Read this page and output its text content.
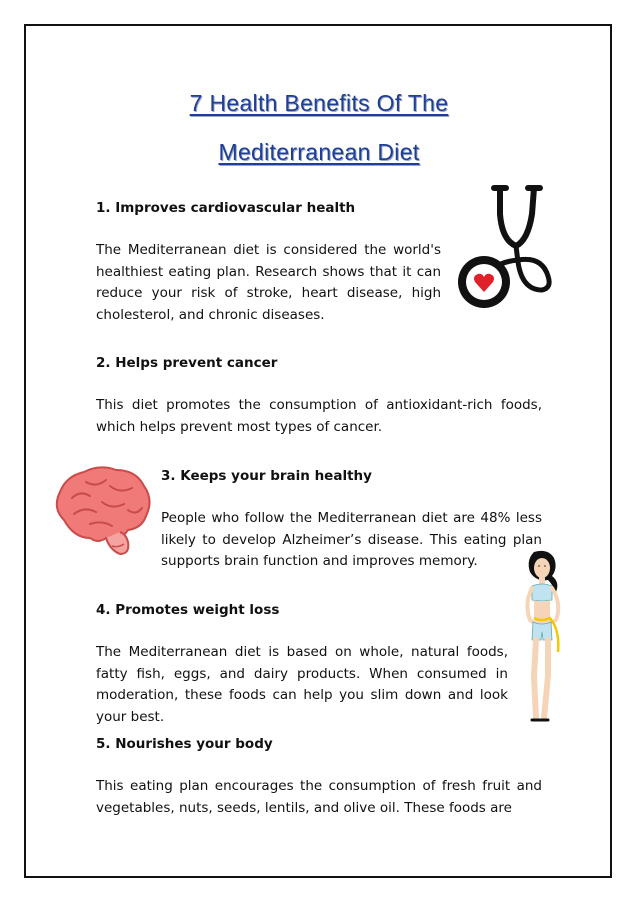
7 Health Benefits Of The
Mediterranean Diet
1. Improves cardiovascular health
The Mediterranean diet is considered the world's healthiest eating plan. Research shows that it can reduce your risk of stroke, heart disease, high cholesterol, and chronic diseases.
2. Helps prevent cancer
This diet promotes the consumption of antioxidant-rich foods, which helps prevent most types of cancer.
3. Keeps your brain healthy
People who follow the Mediterranean diet are 48% less likely to develop Alzheimer’s disease. This eating plan supports brain function and improves memory.
4. Promotes weight loss
The Mediterranean diet is based on whole, natural foods, fatty fish, eggs, and dairy products. When consumed in moderation, these foods can help you slim down and look your best.
5. Nourishes your body
This eating plan encourages the consumption of fresh fruit and vegetables, nuts, seeds, lentils, and olive oil. These foods are
